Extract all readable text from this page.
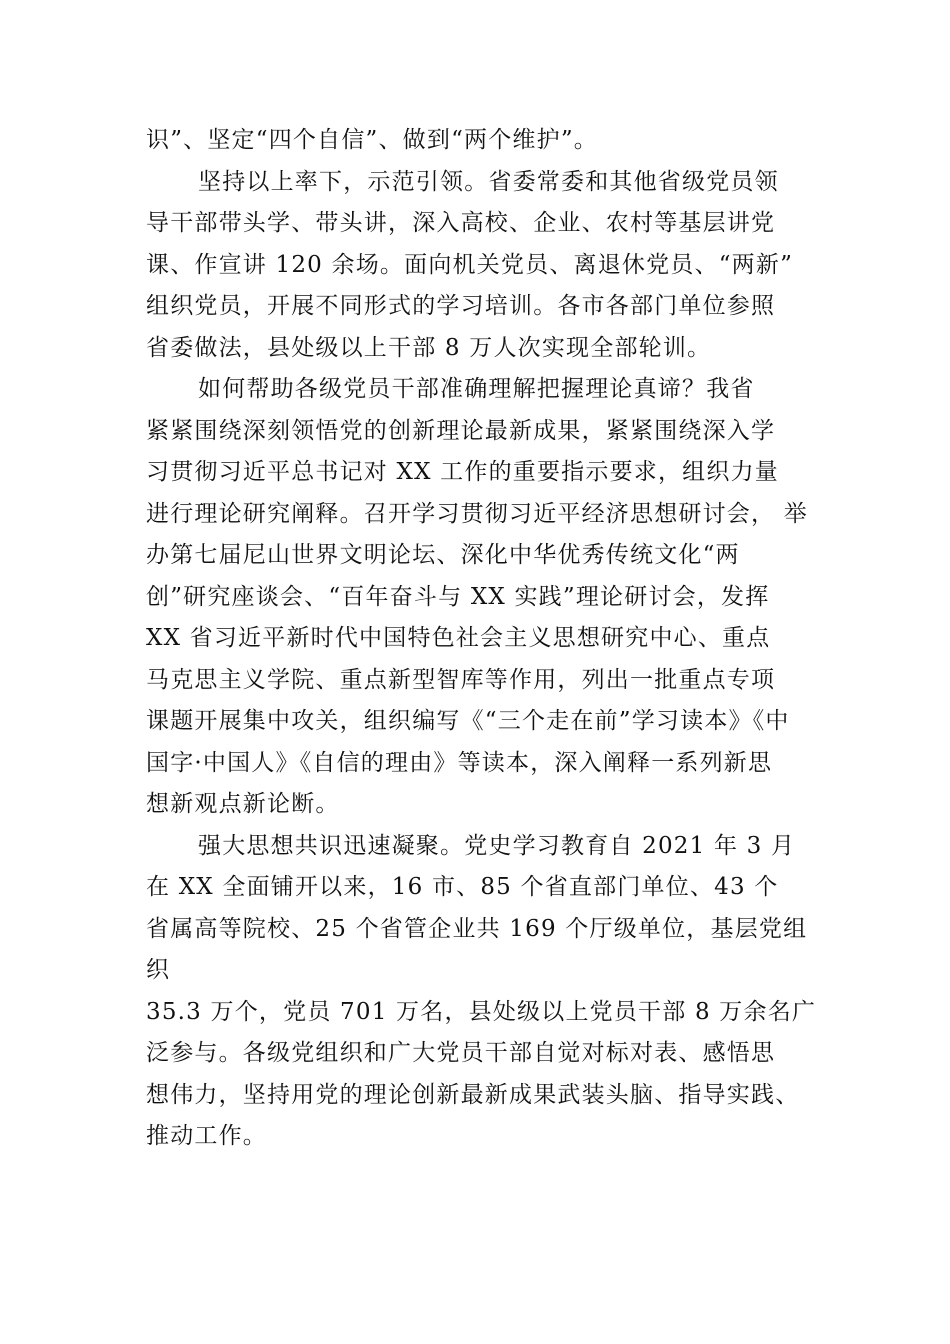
识”、坚定“四个自信”、做到“两个维护”。
坚持以上率下，示范引领。省委常委和其他省级党员领
导干部带头学、带头讲，深入高校、企业、农村等基层讲党
课、作宣讲 120 余场。面向机关党员、离退休党员、“两新”
组织党员，开展不同形式的学习培训。各市各部门单位参照
省委做法，县处级以上干部 8 万人次实现全部轮训。
如何帮助各级党员干部准确理解把握理论真谛？我省
紧紧围绕深刻领悟党的创新理论最新成果，紧紧围绕深入学
习贯彻习近平总书记对 XX 工作的重要指示要求，组织力量
进行理论研究阐释。召开学习贯彻习近平经济思想研讨会， 举
办第七届尼山世界文明论坛、深化中华优秀传统文化“两
创”研究座谈会、“百年奋斗与 XX 实践”理论研讨会，发挥
XX 省习近平新时代中国特色社会主义思想研究中心、重点
马克思主义学院、重点新型智库等作用，列出一批重点专项
课题开展集中攻关，组织编写《“三个走在前”学习读本》《中
国字·中国人》《自信的理由》等读本，深入阐释一系列新思
想新观点新论断。
强大思想共识迅速凝聚。党史学习教育自 2021 年 3 月
在 XX 全面铺开以来，16 市、85 个省直部门单位、43 个
省属高等院校、25 个省管企业共 169 个厅级单位，基层党组
织
35.3 万个，党员 701 万名，县处级以上党员干部 8 万余名广
泛参与。各级党组织和广大党员干部自觉对标对表、感悟思
想伟力，坚持用党的理论创新最新成果武装头脑、指导实践、
推动工作。
